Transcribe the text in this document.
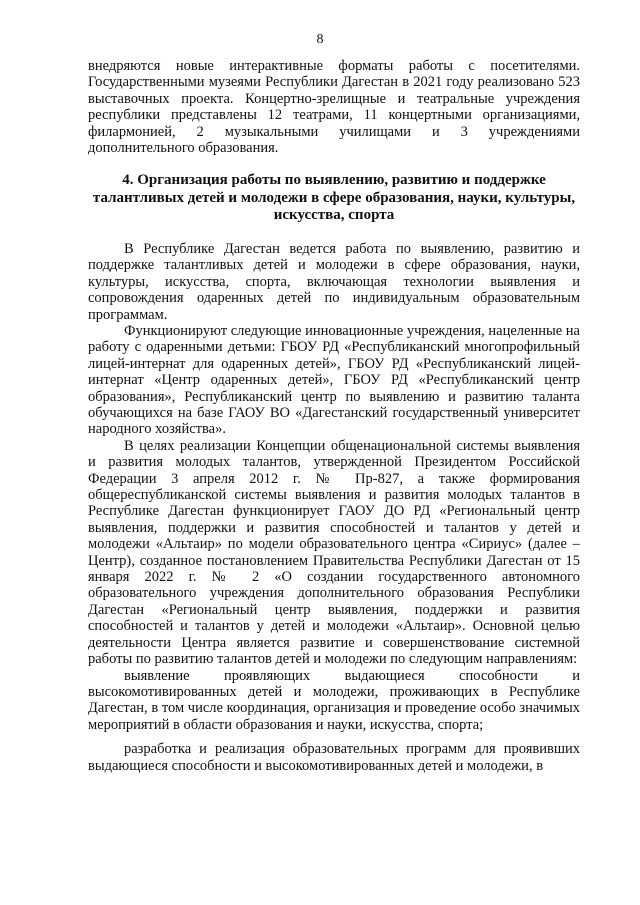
8

внедряются новые интерактивные форматы работы с посетителями. Государственными музеями Республики Дагестан в 2021 году реализовано 523 выставочных проекта. Концертно-зрелищные и театральные учреждения республики представлены 12 театрами, 11 концертными организациями, филармонией, 2 музыкальными училищами и 3 учреждениями дополнительного образования.

4. Организация работы по выявлению, развитию и поддержке талантливых детей и молодежи в сфере образования, науки, культуры, искусства, спорта

В Республике Дагестан ведется работа по выявлению, развитию и поддержке талантливых детей и молодежи в сфере образования, науки, культуры, искусства, спорта, включающая технологии выявления и сопровождения одаренных детей по индивидуальным образовательным программам.

Функционируют следующие инновационные учреждения, нацеленные на работу с одаренными детьми: ГБОУ РД «Республиканский многопрофильный лицей-интернат для одаренных детей», ГБОУ РД «Республиканский лицей-интернат «Центр одаренных детей», ГБОУ РД «Республиканский центр образования», Республиканский центр по выявлению и развитию таланта обучающихся на базе ГАОУ ВО «Дагестанский государственный университет народного хозяйства».

В целях реализации Концепции общенациональной системы выявления и развития молодых талантов, утвержденной Президентом Российской Федерации 3 апреля 2012 г. № Пр-827, а также формирования общереспубликанской системы выявления и развития молодых талантов в Республике Дагестан функционирует ГАОУ ДО РД «Региональный центр выявления, поддержки и развития способностей и талантов у детей и молодежи «Альтаир» по модели образовательного центра «Сириус» (далее – Центр), созданное постановлением Правительства Республики Дагестан от 15 января 2022 г. № 2 «О создании государственного автономного образовательного учреждения дополнительного образования Республики Дагестан «Региональный центр выявления, поддержки и развития способностей и талантов у детей и молодежи «Альтаир». Основной целью деятельности Центра является развитие и совершенствование системной работы по развитию талантов детей и молодежи по следующим направлениям:

выявление проявляющих выдающиеся способности и высокомотивированных детей и молодежи, проживающих в Республике Дагестан, в том числе координация, организация и проведение особо значимых мероприятий в области образования и науки, искусства, спорта;

разработка и реализация образовательных программ для проявивших выдающиеся способности и высокомотивированных детей и молодежи, в
